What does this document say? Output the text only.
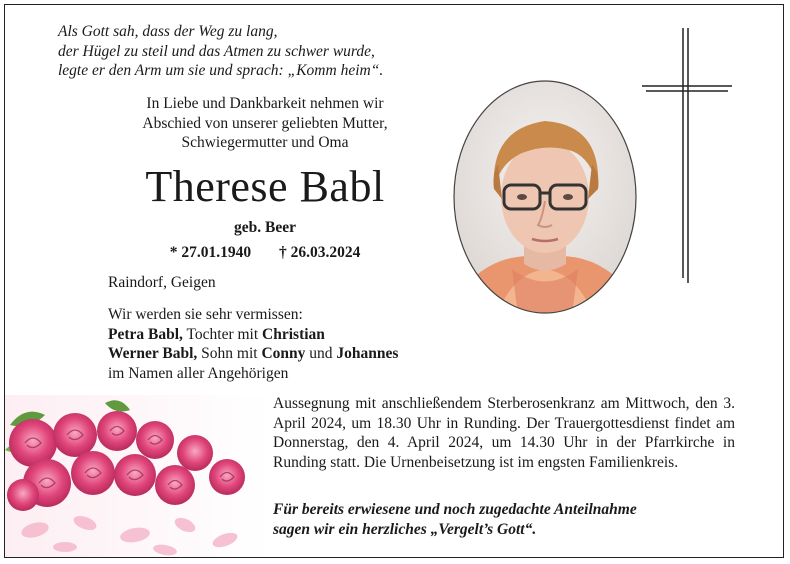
Als Gott sah, dass der Weg zu lang,
der Hügel zu steil und das Atmen zu schwer wurde,
legte er den Arm um sie und sprach: „Komm heim“.
In Liebe und Dankbarkeit nehmen wir
Abschied von unserer geliebten Mutter,
Schwiegermutter und Oma
Therese Babl
geb. Beer
* 27.01.1940 † 26.03.2024
Raindorf, Geigen
Wir werden sie sehr vermissen:
Petra Babl, Tochter mit Christian
Werner Babl, Sohn mit Conny und Johannes
im Namen aller Angehörigen

Aussegnung mit anschließendem Sterberosenkranz am Mittwoch, den 3. April 2024, um 18.30 Uhr in Runding. Der Trauergottesdienst findet am Donnerstag, den 4. April 2024, um 14.30 Uhr in der Pfarrkirche in Runding statt. Die Urnenbeisetzung ist im engsten Familienkreis.

Für bereits erwiesene und noch zugedachte Anteilnahme
sagen wir ein herzliches „Vergelt’s Gott“.
